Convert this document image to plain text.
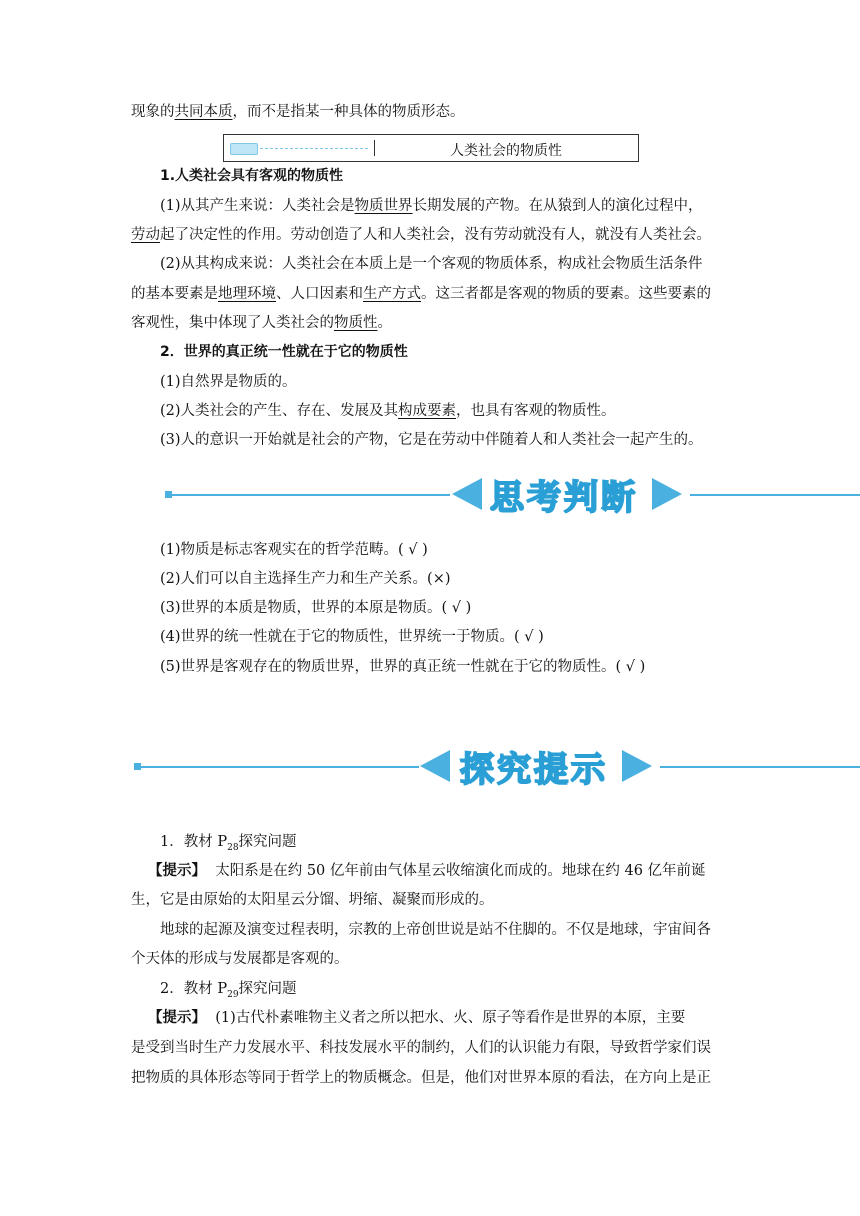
现象的共同本质，而不是指某一种具体的物质形态。
人类社会的物质性
1.人类社会具有客观的物质性
(1)从其产生来说：人类社会是物质世界长期发展的产物。在从猿到人的演化过程中，
劳动起了决定性的作用。劳动创造了人和人类社会，没有劳动就没有人，就没有人类社会。
(2)从其构成来说：人类社会在本质上是一个客观的物质体系，构成社会物质生活条件
的基本要素是地理环境、人口因素和生产方式。这三者都是客观的物质的要素。这些要素的
客观性，集中体现了人类社会的物质性。
2．世界的真正统一性就在于它的物质性
(1)自然界是物质的。
(2)人类社会的产生、存在、发展及其构成要素，也具有客观的物质性。
(3)人的意识一开始就是社会的产物，它是在劳动中伴随着人和人类社会一起产生的。
思考判断
(1)物质是标志客观实在的哲学范畴。( √ )
(2)人们可以自主选择生产力和生产关系。(×)
(3)世界的本质是物质，世界的本原是物质。( √ )
(4)世界的统一性就在于它的物质性，世界统一于物质。( √ )
(5)世界是客观存在的物质世界，世界的真正统一性就在于它的物质性。( √ )
探究提示
1．教材 $P_{28}$探究问题
【提示】 太阳系是在约 50 亿年前由气体星云收缩演化而成的。地球在约 46 亿年前诞
生，它是由原始的太阳星云分馏、坍缩、凝聚而形成的。
地球的起源及演变过程表明，宗教的上帝创世说是站不住脚的。不仅是地球，宇宙间各
个天体的形成与发展都是客观的。
2．教材 $P_{29}$探究问题
【提示】 (1)古代朴素唯物主义者之所以把水、火、原子等看作是世界的本原，主要
是受到当时生产力发展水平、科技发展水平的制约，人们的认识能力有限，导致哲学家们误
把物质的具体形态等同于哲学上的物质概念。但是，他们对世界本原的看法，在方向上是正
